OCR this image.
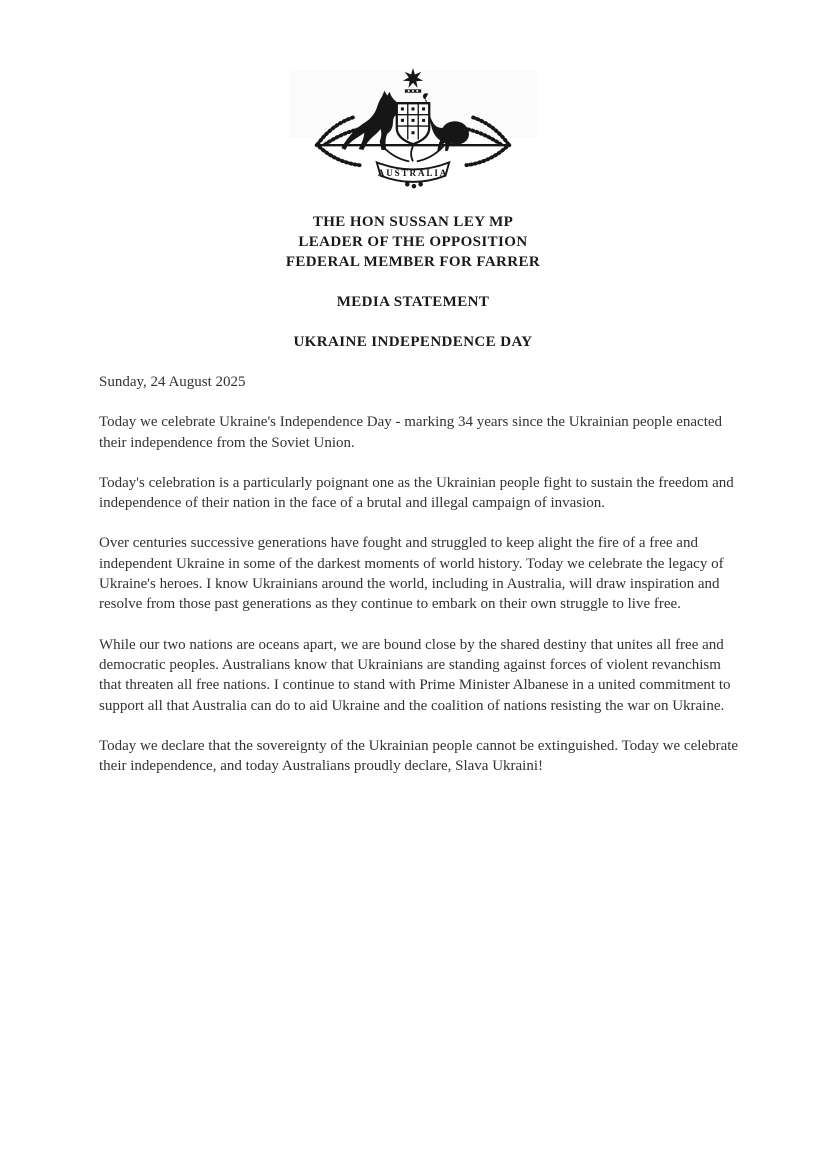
AUSTRALIA
THE HON SUSSAN LEY MP
LEADER OF THE OPPOSITION
FEDERAL MEMBER FOR FARRER
MEDIA STATEMENT
UKRAINE INDEPENDENCE DAY

Sunday, 24 August 2025

Today we celebrate Ukraine's Independence Day - marking 34 years since the Ukrainian people enacted their independence from the Soviet Union.

Today's celebration is a particularly poignant one as the Ukrainian people fight to sustain the freedom and independence of their nation in the face of a brutal and illegal campaign of invasion.

Over centuries successive generations have fought and struggled to keep alight the fire of a free and independent Ukraine in some of the darkest moments of world history. Today we celebrate the legacy of Ukraine's heroes. I know Ukrainians around the world, including in Australia, will draw inspiration and resolve from those past generations as they continue to embark on their own struggle to live free.

While our two nations are oceans apart, we are bound close by the shared destiny that unites all free and democratic peoples. Australians know that Ukrainians are standing against forces of violent revanchism that threaten all free nations. I continue to stand with Prime Minister Albanese in a united commitment to support all that Australia can do to aid Ukraine and the coalition of nations resisting the war on Ukraine.

Today we declare that the sovereignty of the Ukrainian people cannot be extinguished. Today we celebrate their independence, and today Australians proudly declare, Slava Ukraini!
